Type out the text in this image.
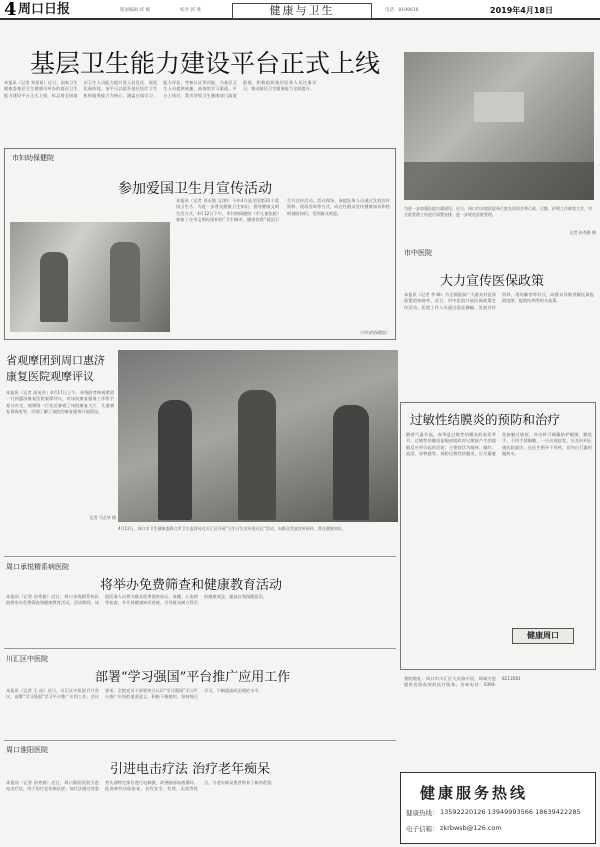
4 周口日报	版面编辑 郭 楠	校对 郭 燕	健康与卫生	电话：8198616	2019年4月18日
基层卫生能力建设平台正式上线
本报讯（记者 刘星星）近日，国家卫生健康委基层卫生健康司举办的基层卫生能力建设平台正式上线，标志着全国基层卫生人员能力提升进入信息化、规范化新阶段。该平台以提升基层医疗卫生机构服务能力为核心，涵盖在线学习、能力评估、考核认证等功能，为基层卫生人员提供便捷、高效的学习渠道。平台上线后，我市各级卫生健康部门高度重视，积极组织基层医务人员注册学习，推动基层卫生服务能力全面提升。
为进一步加强医院内涵建设，近日，周口市东坡医院举行院长培训会和行政、后勤、护理工作联席大会，对全院管理工作进行部署安排，进一步规范医院管理。
记者 孙秀雅 摄
市妇幼保健院
参加爱国卫生月宣传活动
本报讯（记者 刘永俊 文/图）今年4月是全国第31个爱国卫生月。为进一步普及健康卫生知识，倡导健康文明生活方式，4月12日下午，市妇幼保健院（市儿童医院）参加了在市文明办组织的“卫生城市，健康你我”爱国卫生月宣传活动。活动现场，该院医务人员通过发放宣传资料、现场咨询等方式，向过往群众宣传健康知识和疾病预防知识，受到群众欢迎。
（市妇幼保健院）
市中医院
大力宣传医保政策
本报讯（记者 李 峰）为全面提高广大群众对医保政策的知晓率，近日，市中医院开展医保政策宣传活动。医院工作人员通过悬挂横幅、发放宣传资料、现场解答等形式，向群众详细讲解医保报销范围、报销比例等相关政策。
省观摩团到周口惠济
康复医院观摩评议
本报讯（记者 高英杰）4月17日上午，省残联考核观摩团一行到惠济康复医院观摩评议，对该院康复服务工作给予充分肯定。观摩团一行先后参观了该院康复大厅、儿童康复训练室等，详细了解了该院的康复服务开展情况。
记者 马艺华 摄
4月12日，周口市卫生健康委联合市卫生监督局在川汇区开展“卫生计生宣传进社区”活动，向群众发放宣传资料，普及健康知识。
过敏性结膜炎的预防和治疗
随着气温升高，春季是过敏性结膜炎的高发季节。过敏性结膜炎是眼部组织对过敏原产生的超敏反应所引起的炎症，主要症状为眼痒、眼红、流泪、异物感等。预防过敏性结膜炎，应尽量避免接触过敏原，外出时可佩戴防护眼镜，勤洗手，不用手揉眼睛。一旦出现症状，应及时到正规医院就诊，在医生指导下用药，切勿自行滥用眼药水。
健康周口
周口承悦精系病医院
将举办免费筛查和健康教育活动
本报讯（记者 孙秀雅）近日，周口承悦精系病医院将举办免费筛查和健康教育活动。活动期间，该院医务人员将为群众免费提供血压、血糖、心电图等检查，并开展健康知识讲座，引导群众树立科学的健康观念，提高自我保健意识。
川汇区中医院
部署“学习强国”平台推广应用工作
本报讯（记者 王 成）近日，川汇区中医院召开会议，部署“学习强国”学习平台推广应用工作。会议要求，全院党员干部要充分认识“学习强国”学习平台推广应用的重要意义，积极下载使用，坚持每日学习，不断提高政治理论水平。
周口淮阳医院
引进电击疗法 治疗老年痴呆
本报讯（记者 孙秀雅）近日，周口淮阳医院引进电击疗法，用于治疗老年痴呆症。该疗法通过对患者头部特定部位进行电刺激，改善脑部血液循环，促进神经功能恢复，具有安全、有效、无创等优点，为老年痴呆患者带来了新的希望。
我院地址：周口市川汇区大庆路中段，竭诚为您提供优质高效的医疗服务。咨询电话：0394-8213581
健康服务热线
健康热线： 13592220126 13949993566 18639422285
电子信箱： zkrbwsb@126.com
